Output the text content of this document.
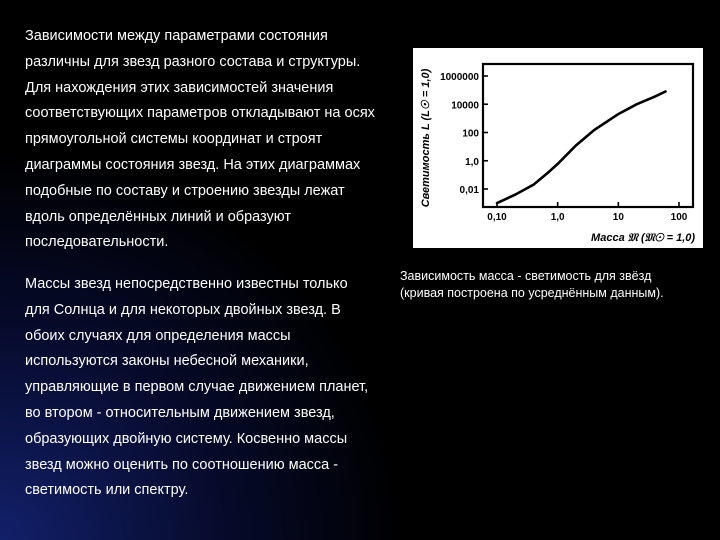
Зависимости между параметрами состояния
различны для звезд разного состава и структуры.
Для нахождения этих зависимостей значения
соответствующих параметров откладывают на осях
прямоугольной системы координат и строят
диаграммы состояния звезд. На этих диаграммах
подобные по составу и строению звезды лежат
вдоль определённых линий и образуют
последовательности.
0,10	1,0	10	100
0,01
1,0
100
10000
1000000
Масса 𝔐 (𝔐☉ = 1,0)
Светимость L (L☉ = 1,0)
Зависимость масса - светимость для звёзд
(кривая построена по усреднённым данным).
Массы звезд непосредственно известны только
для Солнца и для некоторых двойных звезд. В
обоих случаях для определения массы
используются законы небесной механики,
управляющие в первом случае движением планет,
во втором - относительным движением звезд,
образующих двойную систему. Косвенно массы
звезд можно оценить по соотношению масса -
светимость или спектру.
